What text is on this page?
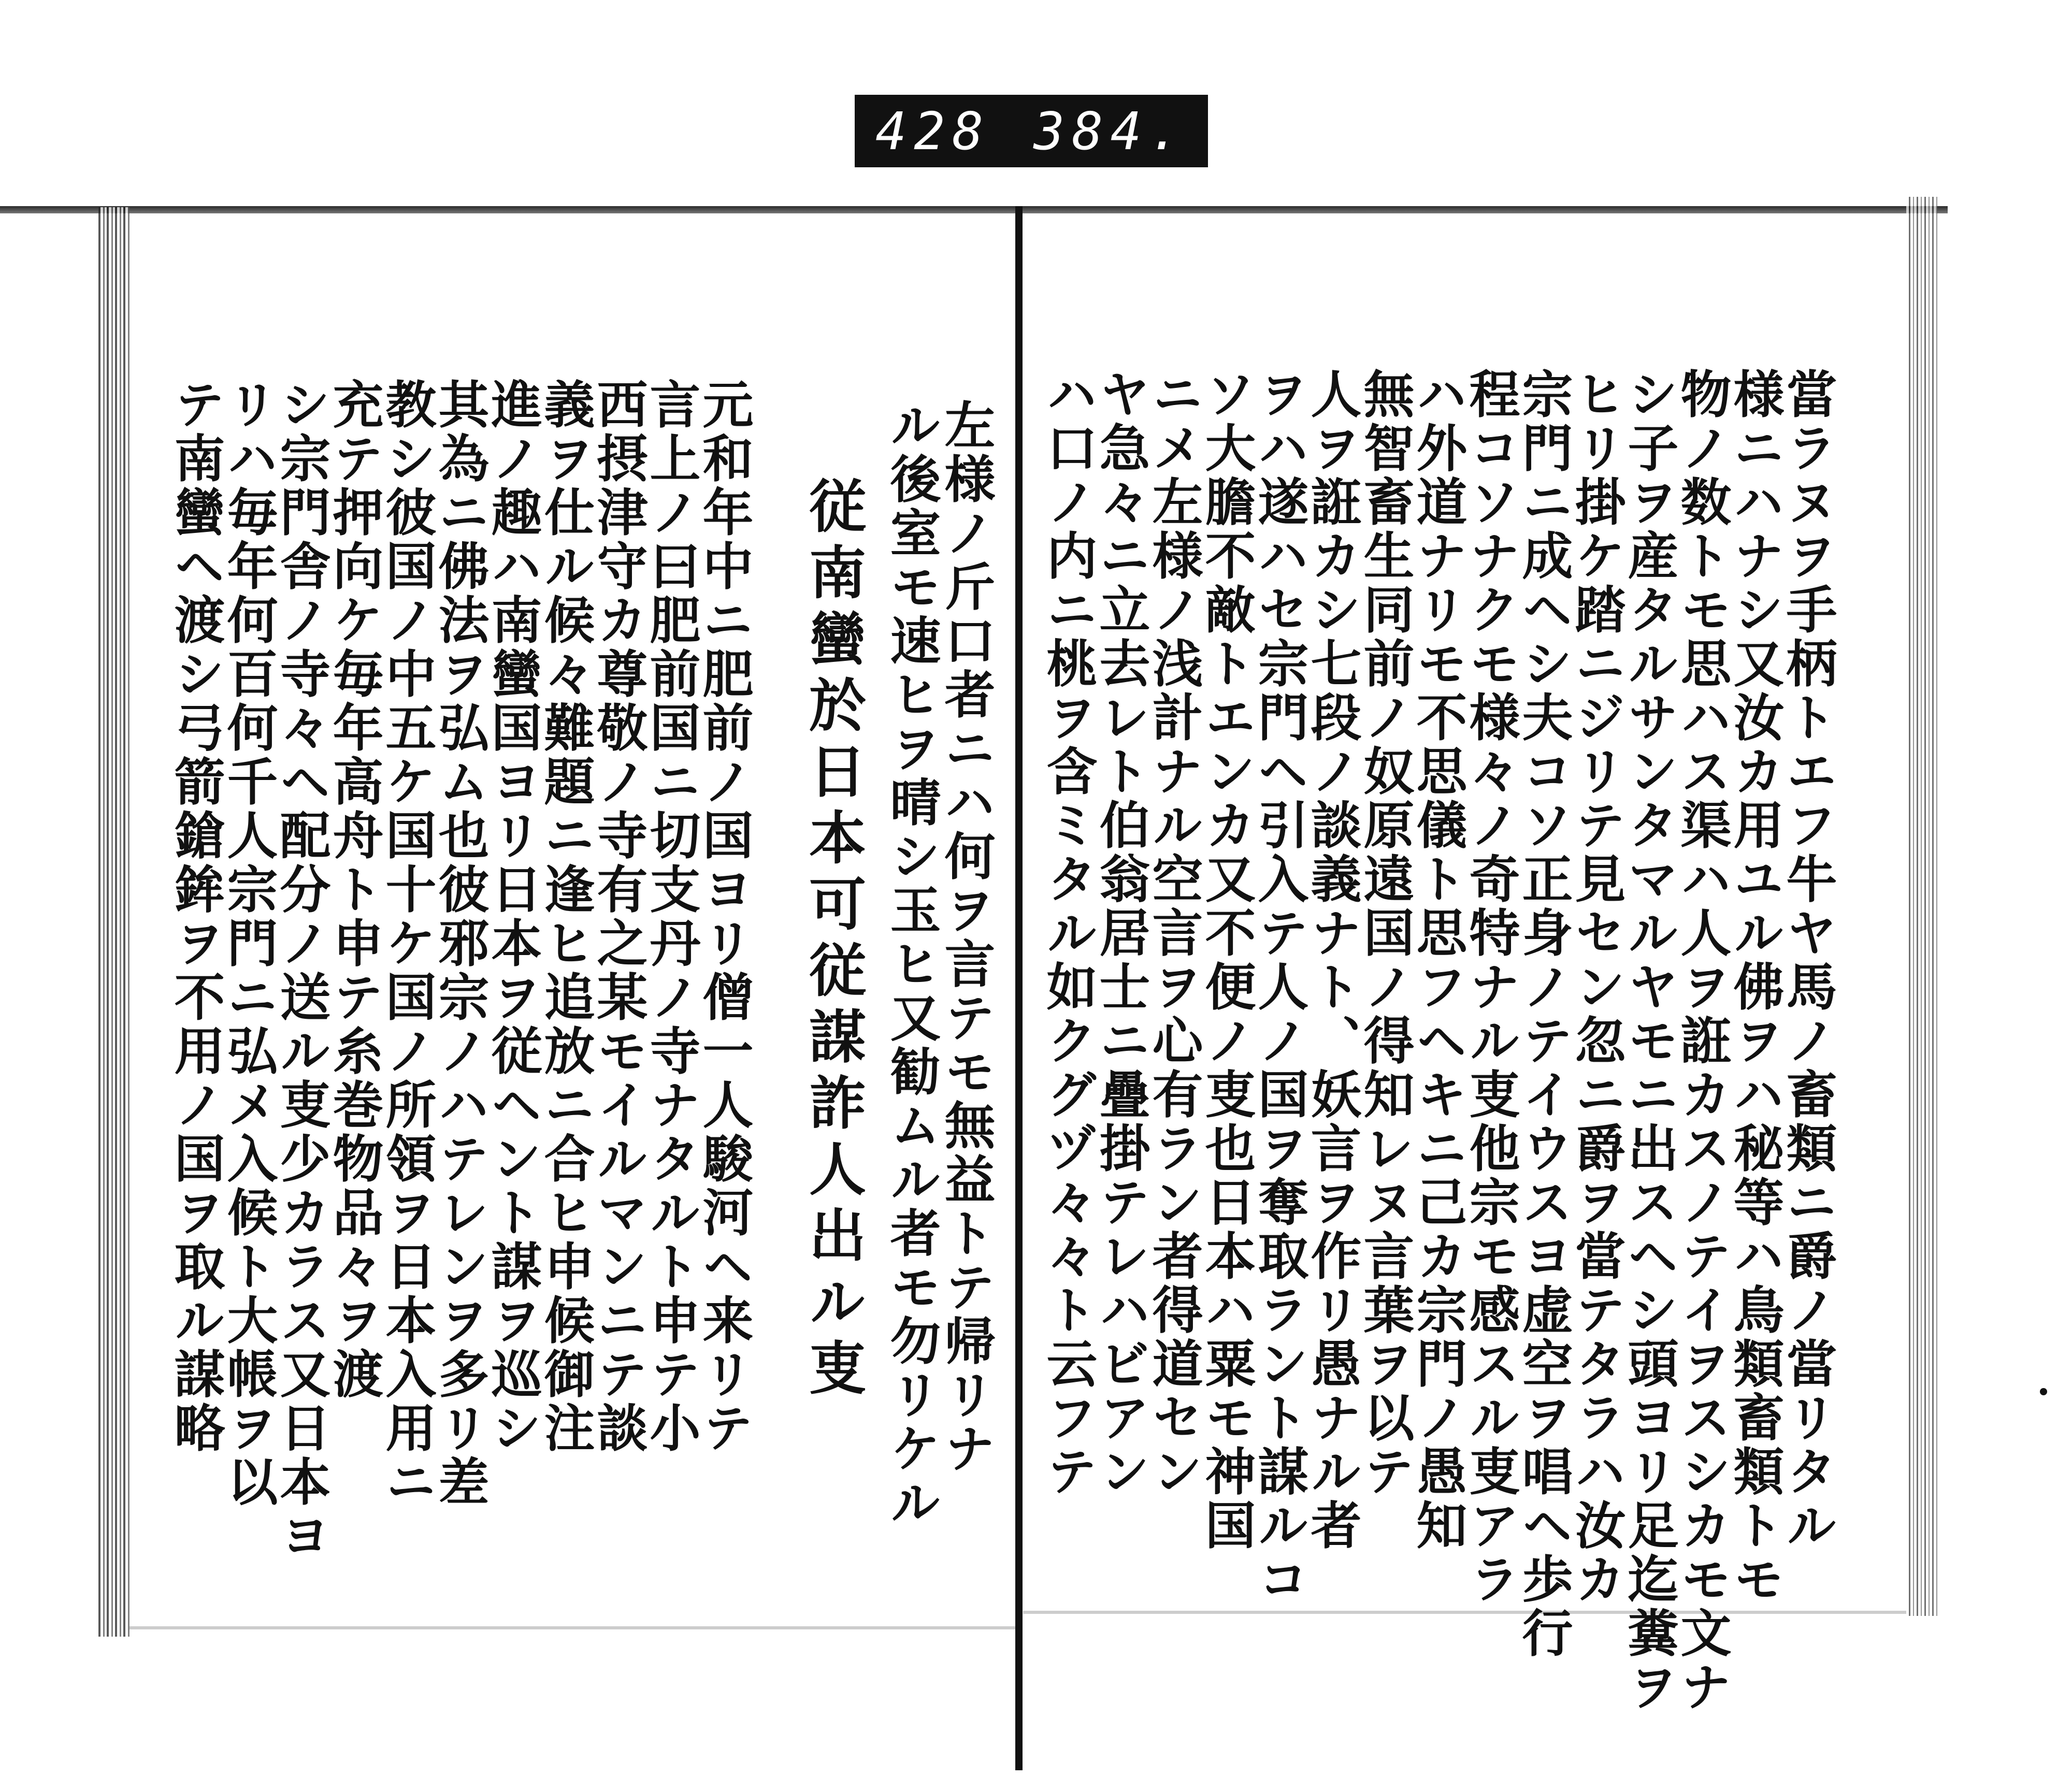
428 384.
當ラヌヲ手柄トエフ牛ヤ馬ノ畜類ニ爵ノ當リタル
様ニハナシ又汝カ用ユル佛ヲハ秘等ハ鳥類畜類トモ
物ノ数トモ思ハス渠ハ人ヲ誑カスノテイヲスシカモ文ナ
シ子ヲ産タルサンタマルヤモニ出スヘシ頭ヨリ足迄糞ヲ
ヒリ掛ケ踏ニジリテ見セン忽ニ爵ヲ當テタラハ汝カ
宗門ニ成ヘシ夫コソ正身ノテイウスヨ虚空ヲ唱ヘ歩行
程コソナクモ様々ノ奇特ナル叓他宗モ感スル叓アラ
ハ外道ナリモ不思儀ト思フヘキニ己カ宗門ノ愚知
無智畜生同前ノ奴原遠国ノ得知レヌ言葉ヲ以テ
人ヲ誑カシ七段ノ談義ナト、妖言ヲ作リ愚ナル者
ヲハ遂ハセ宗門ヘ引入テ人ノ国ヲ奪取ラント謀ルコ
ソ大膽不敵トエンカ又不便ノ叓也日本ハ粟モ神国
ニメ左様ノ浅計ナル空言ヲ心有ラン者得道セン
ヤ急々ニ立去レト伯翁居士ニ疊掛テレハビアン
ハ口ノ内ニ桃ヲ含ミタル如クグヅ々々ト云フテ
左様ノ斤口者ニハ何ヲ言テモ無益トテ帰リナ
ル後室モ速ヒヲ晴シ玉ヒ又勧ムル者モ勿リケル
従南蠻於日本可従謀詐人出ル叓
元和年中ニ肥前ノ国ヨリ僧一人駿河ヘ来リテ
言上ノ曰肥前国ニ切支丹ノ寺ナタルト申テ小
西摂津守カ尊敬ノ寺有之某モイルマンニテ談
義ヲ仕ル候々難題ニ逢ヒ追放ニ合ヒ申候御注
進ノ趣ハ南蠻国ヨリ日本ヲ従ヘント謀ヲ巡シ
其為ニ佛法ヲ弘ム也彼邪宗ノハテレンヲ多リ差
教シ彼国ノ中五ケ国十ケ国ノ所領ヲ日本入用ニ
充テ押向ケ毎年高舟ト申テ糸巻物品々ヲ渡
シ宗門舎ノ寺々ヘ配分ノ送ル叓少カラス又日本ヨ
リハ毎年何百何千人宗門ニ弘メ入候ト大帳ヲ以
テ南蠻ヘ渡シ弓箭鎗鉾ヲ不用ノ国ヲ取ル謀略
